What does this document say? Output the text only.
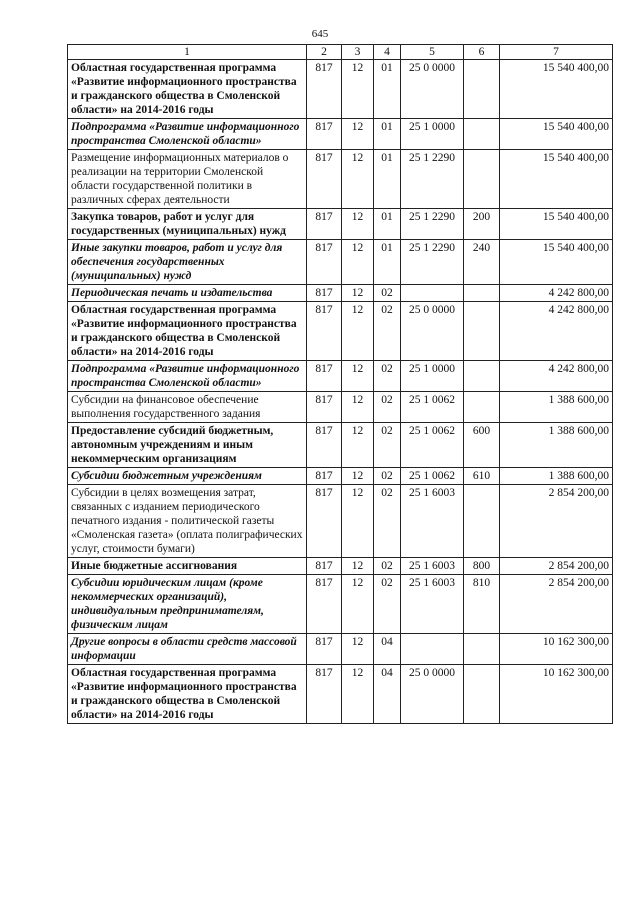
645
1	2	3	4	5	6	7
Областная государственная программа «Развитие информационного пространства и гражданского общества в Смоленской области» на 2014-2016 годы	817	12	01	25 0 0000		15 540 400,00
Подпрограмма «Развитие информационного пространства Смоленской области»	817	12	01	25 1 0000		15 540 400,00
Размещение информационных материалов о реализации на территории Смоленской области государственной политики в различных сферах деятельности	817	12	01	25 1 2290		15 540 400,00
Закупка товаров, работ и услуг для государственных (муниципальных) нужд	817	12	01	25 1 2290	200	15 540 400,00
Иные закупки товаров, работ и услуг для обеспечения государственных (муниципальных) нужд	817	12	01	25 1 2290	240	15 540 400,00
Периодическая печать и издательства	817	12	02			4 242 800,00
Областная государственная программа «Развитие информационного пространства и гражданского общества в Смоленской области» на 2014-2016 годы	817	12	02	25 0 0000		4 242 800,00
Подпрограмма «Развитие информационного пространства Смоленской области»	817	12	02	25 1 0000		4 242 800,00
Субсидии на финансовое обеспечение выполнения государственного задания	817	12	02	25 1 0062		1 388 600,00
Предоставление субсидий бюджетным, автономным учреждениям и иным некоммерческим организациям	817	12	02	25 1 0062	600	1 388 600,00
Субсидии бюджетным учреждениям	817	12	02	25 1 0062	610	1 388 600,00
Субсидии в целях возмещения затрат, связанных с изданием периодического печатного издания - политической газеты «Смоленская газета» (оплата полиграфических услуг, стоимости бумаги)	817	12	02	25 1 6003		2 854 200,00
Иные бюджетные ассигнования	817	12	02	25 1 6003	800	2 854 200,00
Субсидии юридическим лицам (кроме некоммерческих организаций), индивидуальным предпринимателям, физическим лицам	817	12	02	25 1 6003	810	2 854 200,00
Другие вопросы в области средств массовой информации	817	12	04			10 162 300,00
Областная государственная программа «Развитие информационного пространства и гражданского общества в Смоленской области» на 2014-2016 годы	817	12	04	25 0 0000		10 162 300,00
